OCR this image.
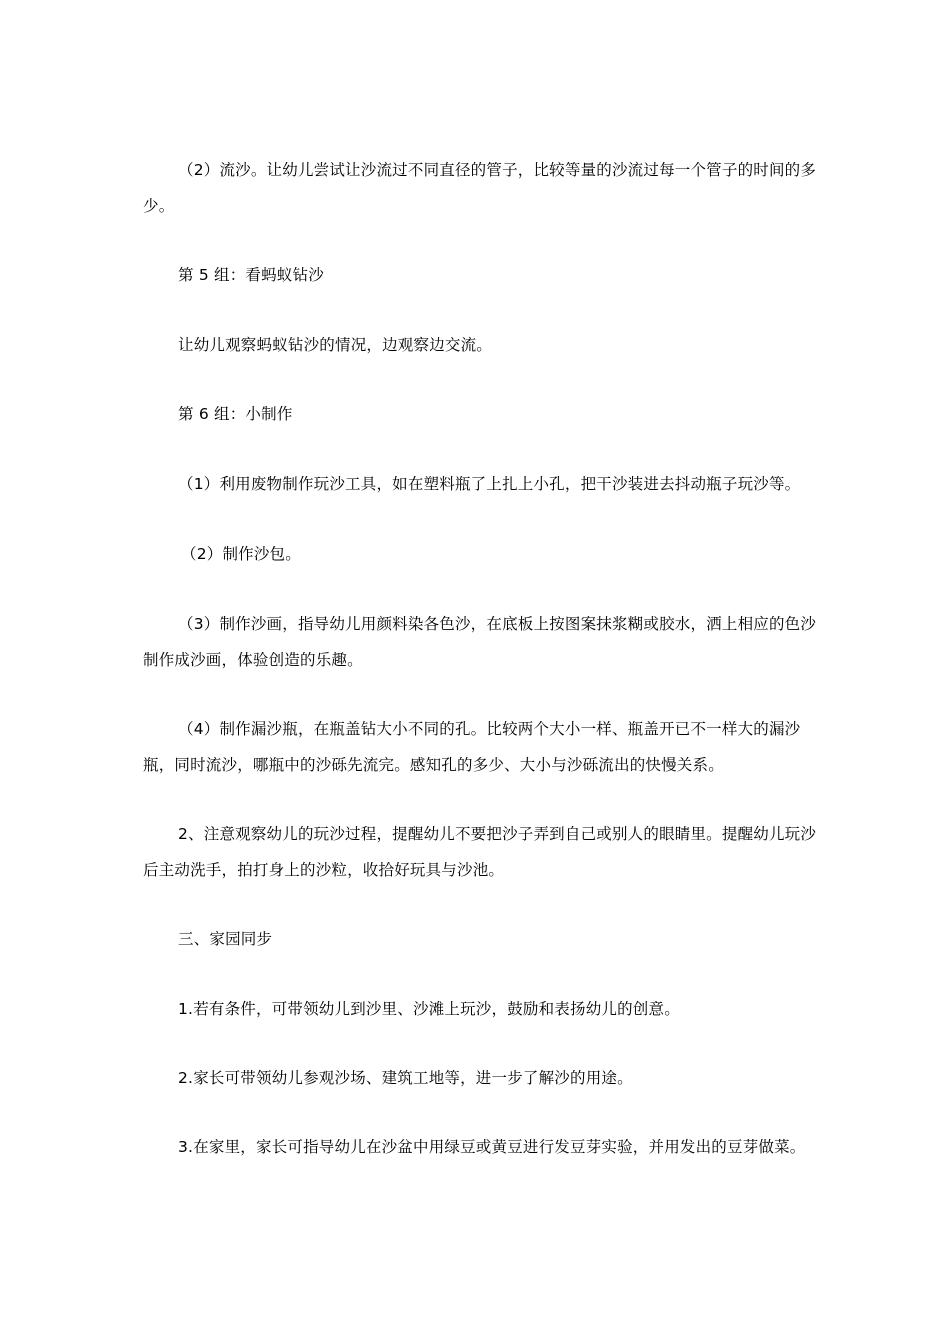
（2）流沙。让幼儿尝试让沙流过不同直径的管子，比较等量的沙流过每一个管子的时间的多少。

第 5 组：看蚂蚁钻沙

让幼儿观察蚂蚁钻沙的情况，边观察边交流。

第 6 组：小制作

（1）利用废物制作玩沙工具，如在塑料瓶了上扎上小孔，把干沙装进去抖动瓶子玩沙等。

（2）制作沙包。

（3）制作沙画，指导幼儿用颜料染各色沙，在底板上按图案抹浆糊或胶水，洒上相应的色沙制作成沙画，体验创造的乐趣。

（4）制作漏沙瓶，在瓶盖钻大小不同的孔。比较两个大小一样、瓶盖开已不一样大的漏沙瓶，同时流沙，哪瓶中的沙砾先流完。感知孔的多少、大小与沙砾流出的快慢关系。

2、注意观察幼儿的玩沙过程，提醒幼儿不要把沙子弄到自己或别人的眼睛里。提醒幼儿玩沙后主动洗手，拍打身上的沙粒，收拾好玩具与沙池。

三、家园同步

1.若有条件，可带领幼儿到沙里、沙滩上玩沙，鼓励和表扬幼儿的创意。

2.家长可带领幼儿参观沙场、建筑工地等，进一步了解沙的用途。

3.在家里，家长可指导幼儿在沙盆中用绿豆或黄豆进行发豆芽实验，并用发出的豆芽做菜。
